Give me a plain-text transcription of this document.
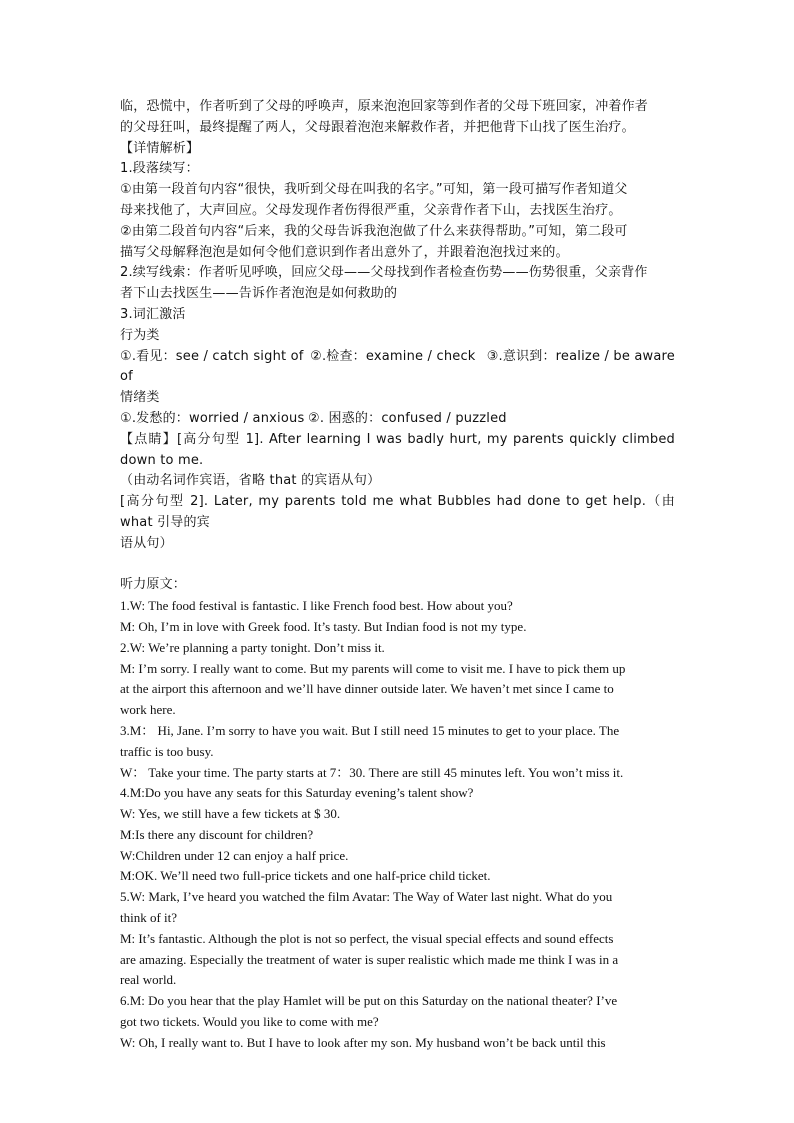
临，恐慌中，作者听到了父母的呼唤声，原来泡泡回家等到作者的父母下班回家，冲着作者

的父母狂叫，最终提醒了两人，父母跟着泡泡来解救作者，并把他背下山找了医生治疗。

【详情解析】

1.段落续写：

①由第一段首句内容“很快，我听到父母在叫我的名字。”可知，第一段可描写作者知道父

母来找他了，大声回应。父母发现作者伤得很严重，父亲背作者下山，去找医生治疗。

②由第二段首句内容“后来，我的父母告诉我泡泡做了什么来获得帮助。”可知，第二段可

描写父母解释泡泡是如何令他们意识到作者出意外了，并跟着泡泡找过来的。

2.续写线索：作者听见呼唤，回应父母——父母找到作者检查伤势——伤势很重，父亲背作

者下山去找医生——告诉作者泡泡是如何救助的

3.词汇激活

行为类

①.看见：see / catch sight of ②.检查：examine / check ③.意识到：realize / be aware

of

情绪类

①.发愁的：worried / anxious ②. 困惑的：confused / puzzled

【点睛】[高分句型 1]. After learning I was badly hurt, my parents quickly climbed down to me.

（由动名词作宾语，省略 that 的宾语从句）

[高分句型 2]. Later, my parents told me what Bubbles had done to get help.（由 what 引导的宾

语从句）

听力原文：

1.W: The food festival is fantastic. I like French food best. How about you?

M: Oh, I’m in love with Greek food. It’s tasty. But Indian food is not my type.

2.W: We’re planning a party tonight. Don’t miss it.

M: I’m sorry. I really want to come. But my parents will come to visit me. I have to pick them up

at the airport this afternoon and we’ll have dinner outside later. We haven’t met since I came to

work here.

3.M： Hi, Jane. I’m sorry to have you wait. But I still need 15 minutes to get to your place. The

traffic is too busy.

W： Take your time. The party starts at 7：30. There are still 45 minutes left. You won’t miss it.

4.M:Do you have any seats for this Saturday evening’s talent show?

W: Yes, we still have a few tickets at $ 30.

M:Is there any discount for children?

W:Children under 12 can enjoy a half price.

M:OK. We’ll need two full-price tickets and one half-price child ticket.

5.W: Mark, I’ve heard you watched the film Avatar: The Way of Water last night. What do you

think of it?

M: It’s fantastic. Although the plot is not so perfect, the visual special effects and sound effects

are amazing. Especially the treatment of water is super realistic which made me think I was in a

real world.

6.M: Do you hear that the play Hamlet will be put on this Saturday on the national theater? I’ve

got two tickets. Would you like to come with me?

W: Oh, I really want to. But I have to look after my son. My husband won’t be back until this
